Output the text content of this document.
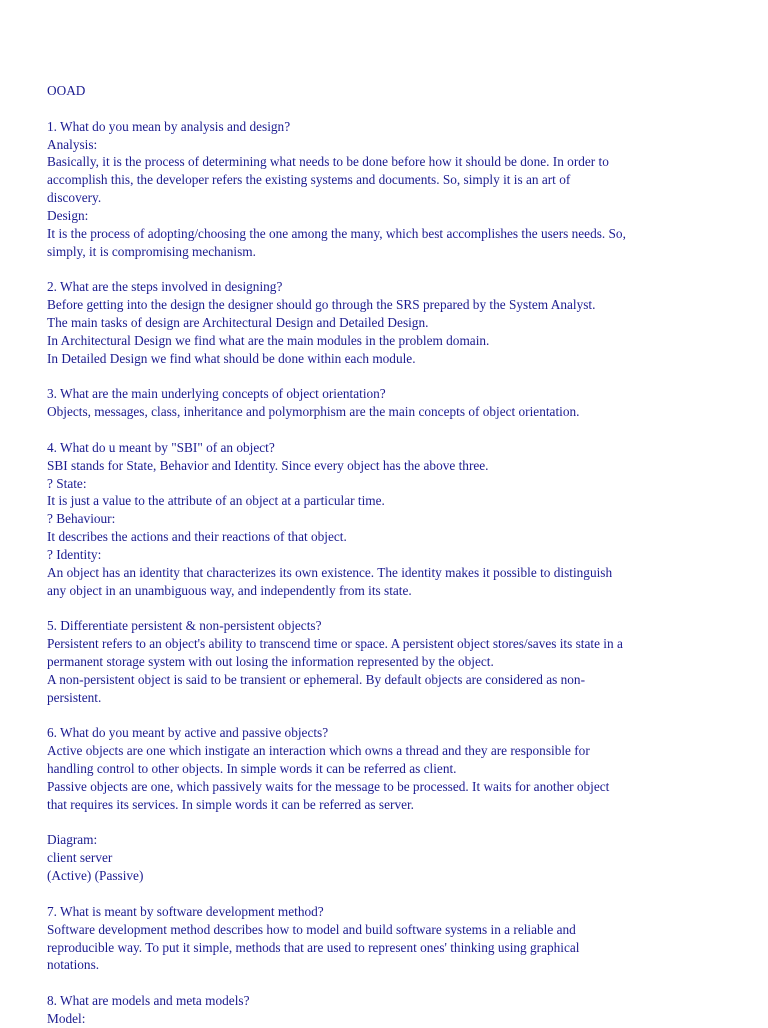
OOAD
1. What do you mean by analysis and design?
Analysis:
Basically, it is the process of determining what needs to be done before how it should be done. In order to
accomplish this, the developer refers the existing systems and documents. So, simply it is an art of
discovery.
Design:
It is the process of adopting/choosing the one among the many, which best accomplishes the users needs. So,
simply, it is compromising mechanism.
2. What are the steps involved in designing?
Before getting into the design the designer should go through the SRS prepared by the System Analyst.
The main tasks of design are Architectural Design and Detailed Design.
In Architectural Design we find what are the main modules in the problem domain.
In Detailed Design we find what should be done within each module.
3. What are the main underlying concepts of object orientation?
Objects, messages, class, inheritance and polymorphism are the main concepts of object orientation.
4. What do u meant by "SBI" of an object?
SBI stands for State, Behavior and Identity. Since every object has the above three.
? State:
It is just a value to the attribute of an object at a particular time.
? Behaviour:
It describes the actions and their reactions of that object.
? Identity:
An object has an identity that characterizes its own existence. The identity makes it possible to distinguish
any object in an unambiguous way, and independently from its state.
5. Differentiate persistent & non-persistent objects?
Persistent refers to an object's ability to transcend time or space. A persistent object stores/saves its state in a
permanent storage system with out losing the information represented by the object.
A non-persistent object is said to be transient or ephemeral. By default objects are considered as non-
persistent.
6. What do you meant by active and passive objects?
Active objects are one which instigate an interaction which owns a thread and they are responsible for
handling control to other objects. In simple words it can be referred as client.
Passive objects are one, which passively waits for the message to be processed. It waits for another object
that requires its services. In simple words it can be referred as server.
Diagram:
client server
(Active) (Passive)
7. What is meant by software development method?
Software development method describes how to model and build software systems in a reliable and
reproducible way. To put it simple, methods that are used to represent ones' thinking using graphical
notations.
8. What are models and meta models?
Model:
